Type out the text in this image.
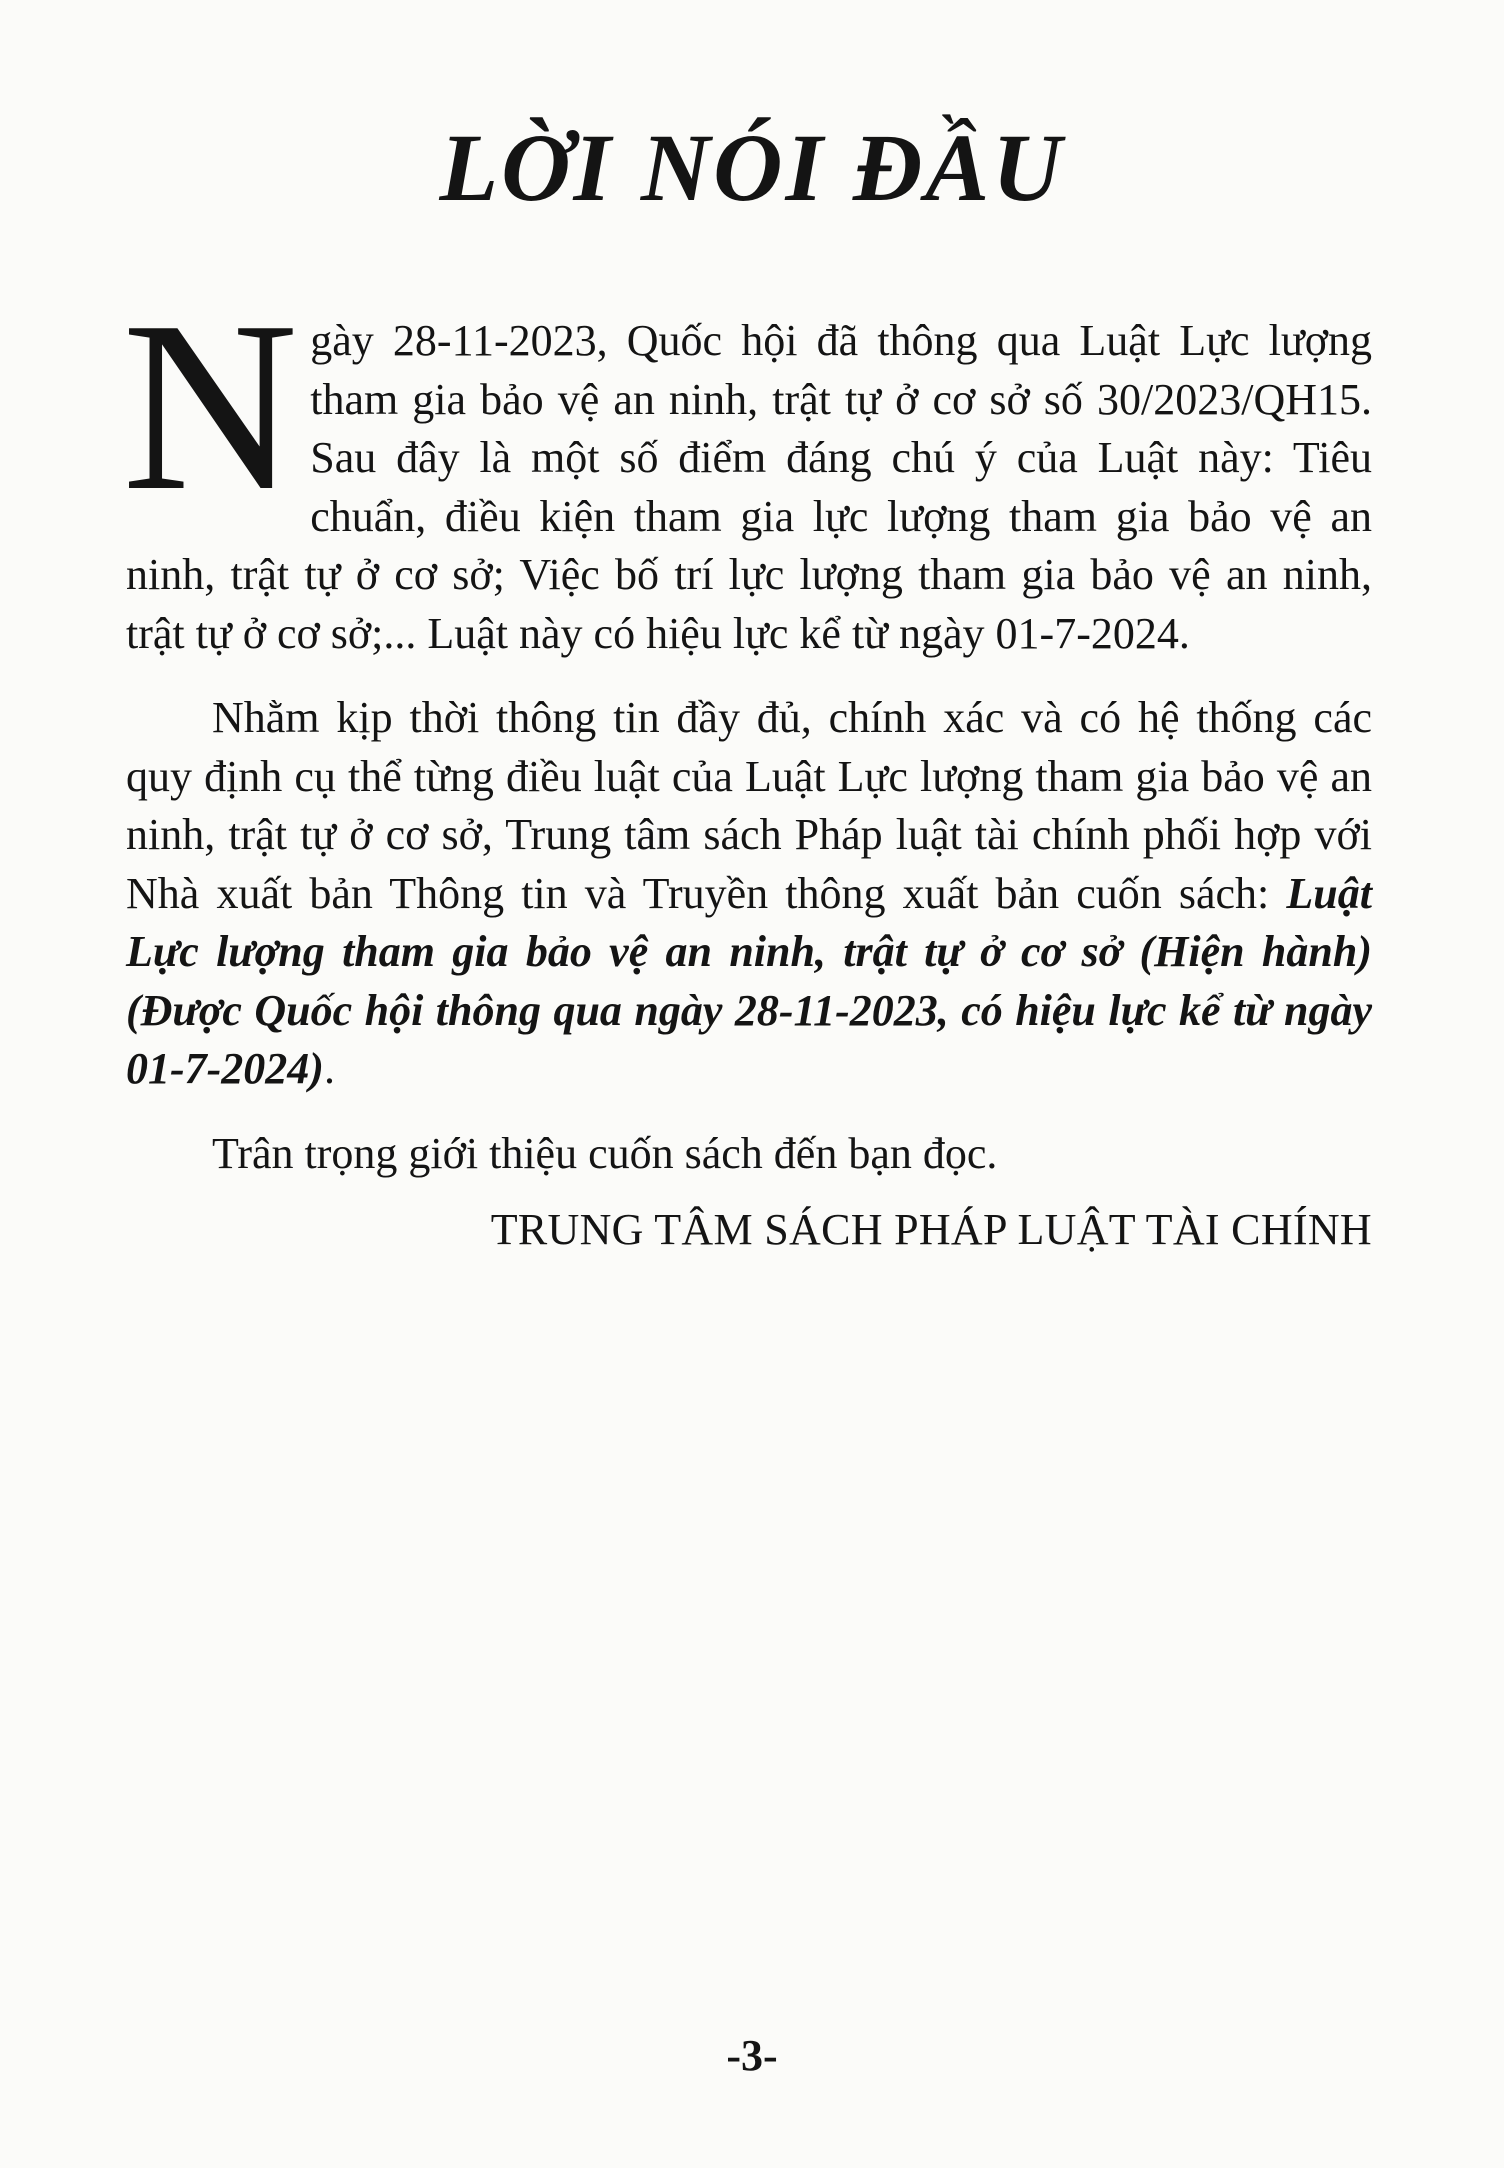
LỜI NÓI ĐẦU

Ngày 28-11-2023, Quốc hội đã thông qua Luật Lực lượng tham gia bảo vệ an ninh, trật tự ở cơ sở số 30/2023/QH15. Sau đây là một số điểm đáng chú ý của Luật này: Tiêu chuẩn, điều kiện tham gia lực lượng tham gia bảo vệ an ninh, trật tự ở cơ sở; Việc bố trí lực lượng tham gia bảo vệ an ninh, trật tự ở cơ sở;... Luật này có hiệu lực kể từ ngày 01-7-2024.

Nhằm kịp thời thông tin đầy đủ, chính xác và có hệ thống các quy định cụ thể từng điều luật của Luật Lực lượng tham gia bảo vệ an ninh, trật tự ở cơ sở, Trung tâm sách Pháp luật tài chính phối hợp với Nhà xuất bản Thông tin và Truyền thông xuất bản cuốn sách: Luật Lực lượng tham gia bảo vệ an ninh, trật tự ở cơ sở (Hiện hành) (Được Quốc hội thông qua ngày 28-11-2023, có hiệu lực kể từ ngày 01-7-2024).

Trân trọng giới thiệu cuốn sách đến bạn đọc.

TRUNG TÂM SÁCH PHÁP LUẬT TÀI CHÍNH

-3-
